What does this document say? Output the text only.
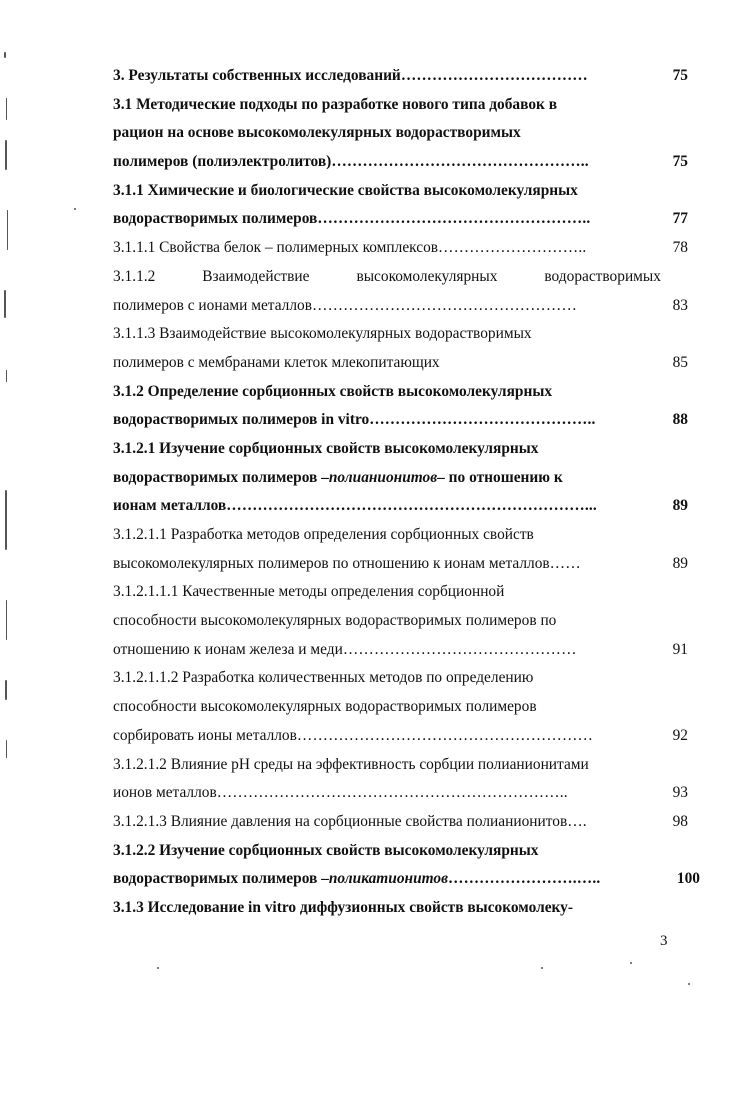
3. Результаты собственных исследований………………………………	75
3.1 Методические подходы по разработке нового типа добавок в
рацион на основе высокомолекулярных водорастворимых
полимеров (полиэлектролитов)…………………………………………..	75
3.1.1 Химические и биологические свойства высокомолекулярных
водорастворимых полимеров……………………………………………..	77
3.1.1.1 Свойства белок – полимерных комплексов………………………..	78
3.1.1.2	Взаимодействие	высокомолекулярных	водорастворимых
полимеров с ионами металлов……………………………………………	83
3.1.1.3 Взаимодействие высокомолекулярных водорастворимых
полимеров с мембранами клеток млекопитающих	85
3.1.2 Определение сорбционных свойств высокомолекулярных
водорастворимых полимеров in vitro……………………………………..	88
3.1.2.1 Изучение сорбционных свойств высокомолекулярных
водорастворимых полимеров –полианионитов– по отношению к
ионам металлов……………………………………………………………...	89
3.1.2.1.1 Разработка методов определения сорбционных свойств
высокомолекулярных полимеров по отношению к ионам металлов……	89
3.1.2.1.1.1 Качественные методы определения сорбционной
способности высокомолекулярных водорастворимых полимеров по
отношению к ионам железа и меди………………………………………	91
3.1.2.1.1.2 Разработка количественных методов по определению
способности высокомолекулярных водорастворимых полимеров
сорбировать ионы металлов…………………………………………………	92
3.1.2.1.2 Влияние pH среды на эффективность сорбции полианионитами
ионов металлов…………………………………………………………..	93
3.1.2.1.3 Влияние давления на сорбционные свойства полианионитов….	98
3.1.2.2 Изучение сорбционных свойств высокомолекулярных
водорастворимых полимеров –поликатионитов…………………….…..	100
3.1.3 Исследование in vitro диффузионных свойств высокомолеку-
3
